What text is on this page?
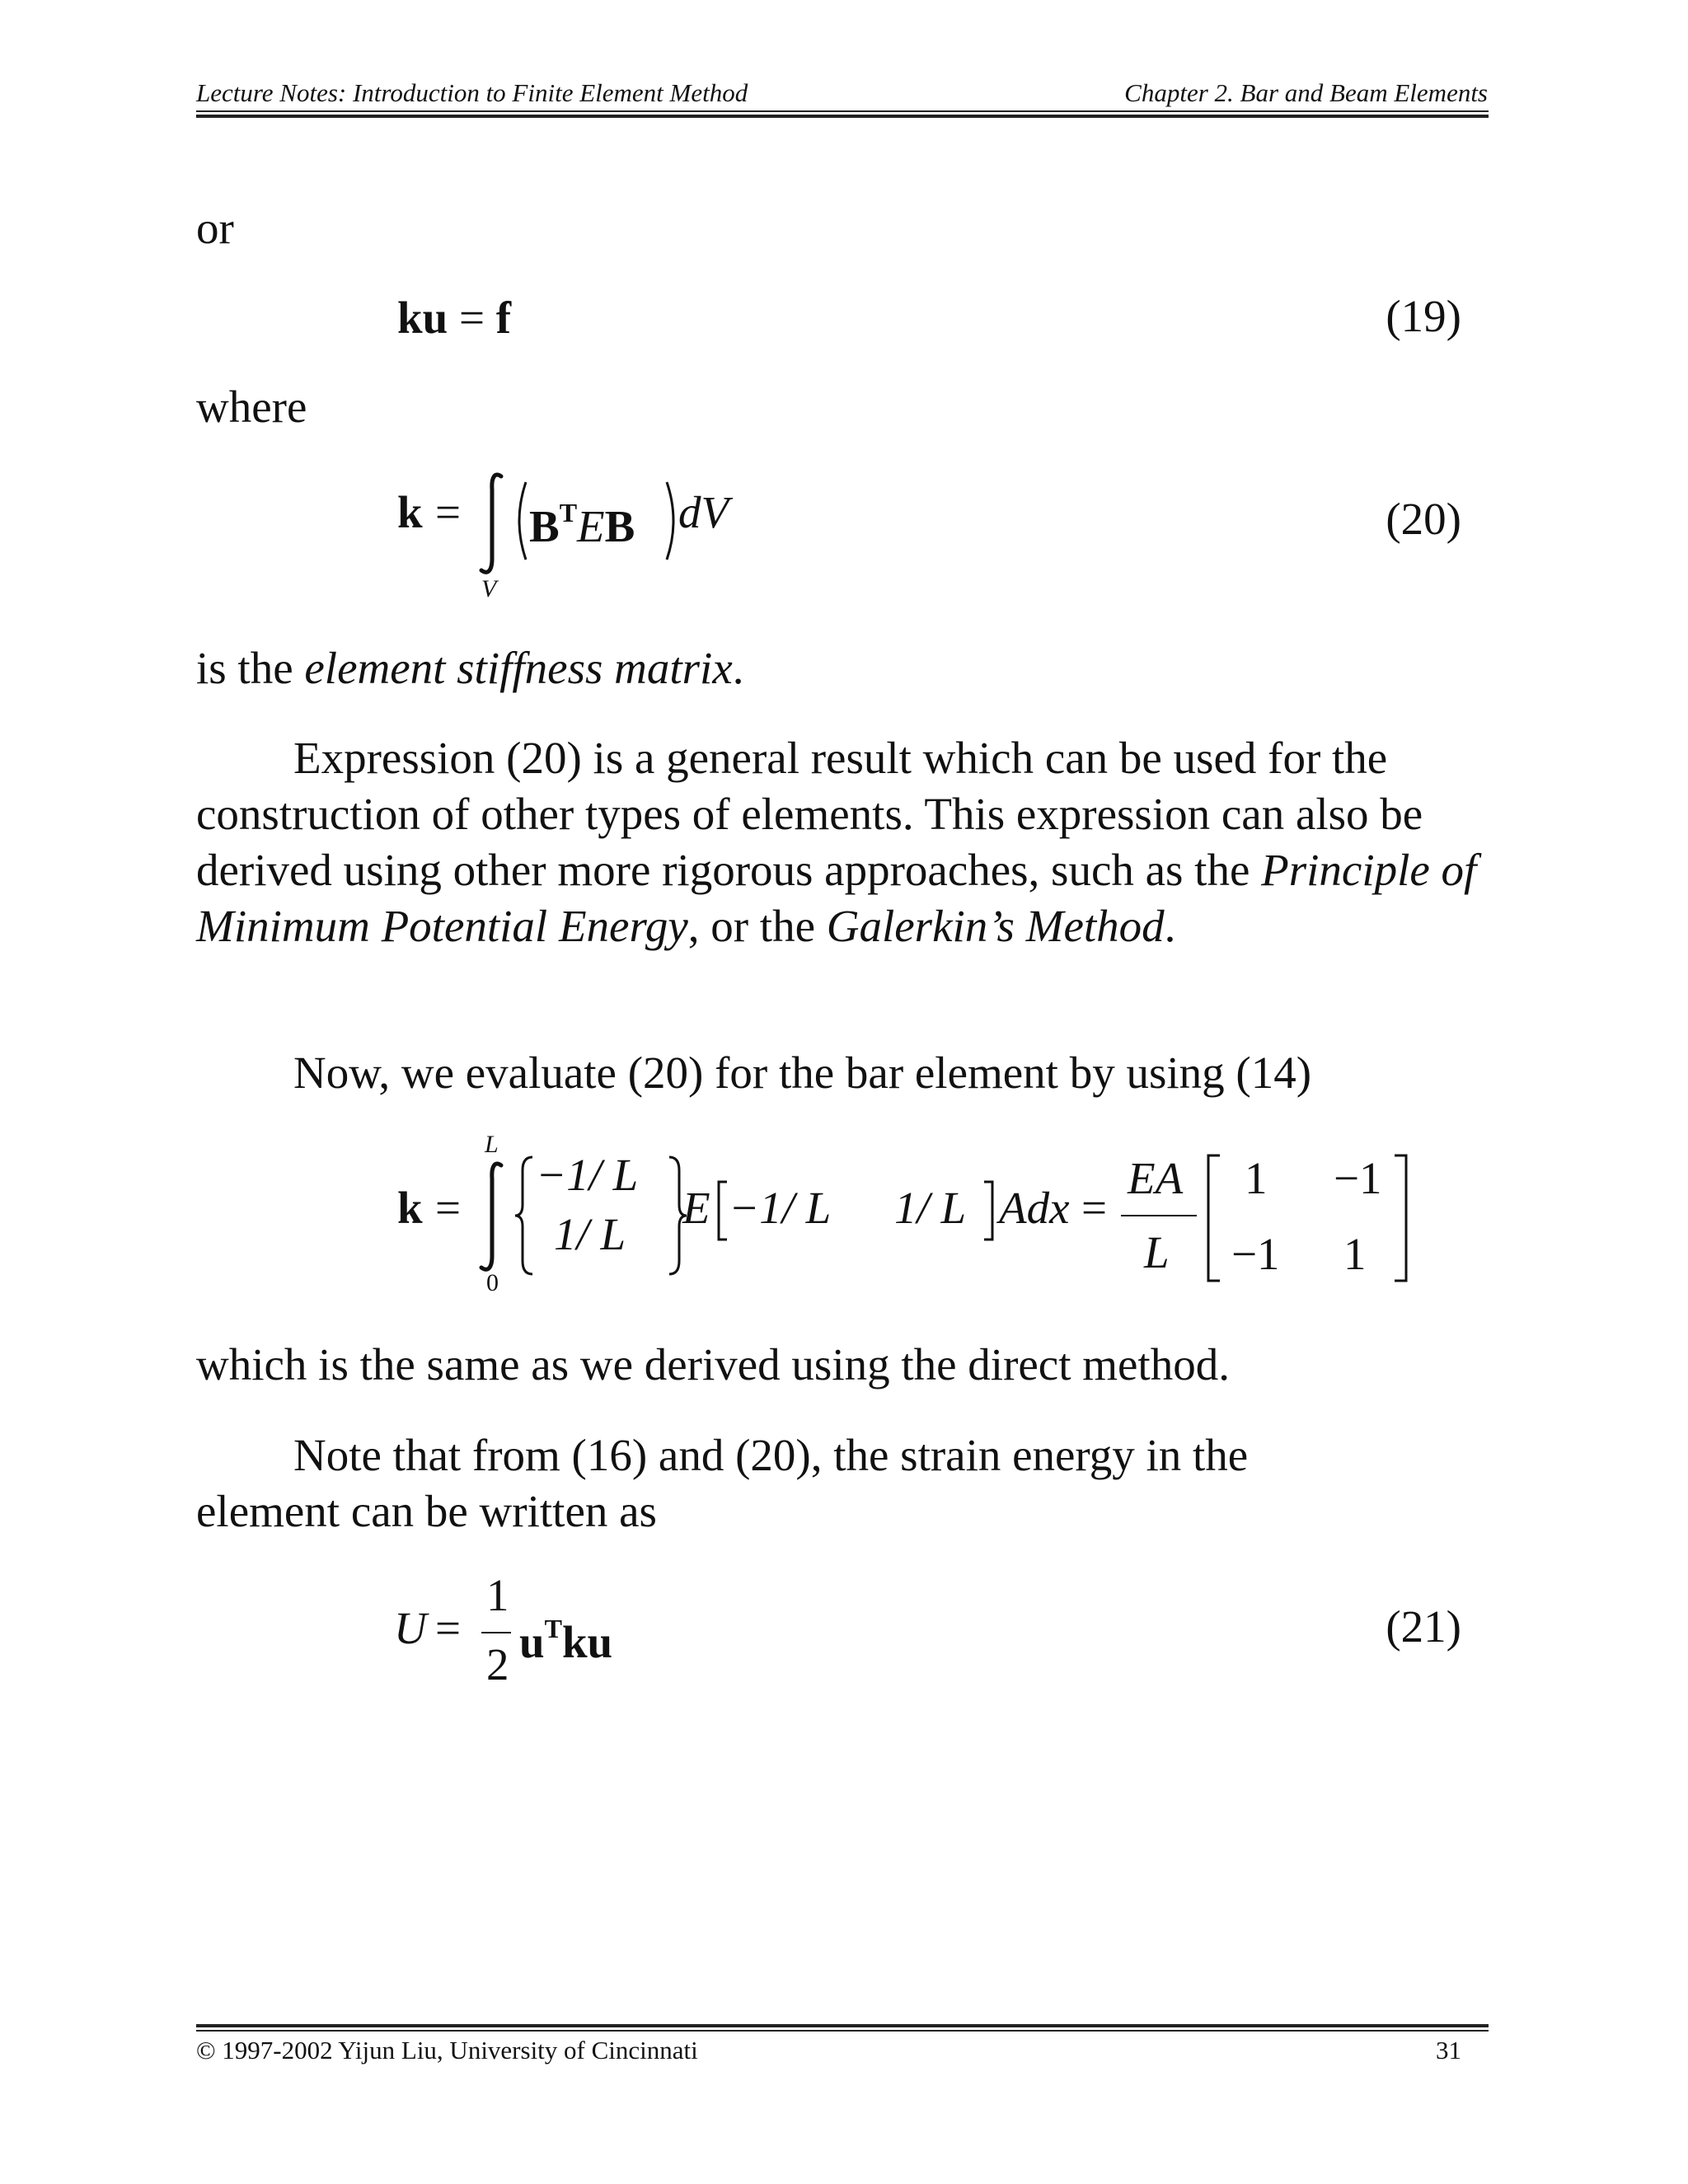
Lecture Notes: Introduction to Finite Element Method	Chapter 2. Bar and Beam Elements
or
ku = f	(19)
where
k =
V
$B^TEB$ dV	(20)
is the element stiffness matrix.
Expression (20) is a general result which can be used for the construction of other types of elements. This expression can also be derived using other more rigorous approaches, such as the Principle of Minimum Potential Energy, or the Galerkin’s Method.
Now, we evaluate (20) for the bar element by using (14)
k =
L
0
−1/ L
1/ L
E −1/ L 1/ L Adx =
EA
L
1 −1
−1 1
which is the same as we derived using the direct method.
Note that from (16) and (20), the strain energy in the element can be written as
U =
1
2 $u^Tku$	(21)
© 1997-2002 Yijun Liu, University of Cincinnati	31
